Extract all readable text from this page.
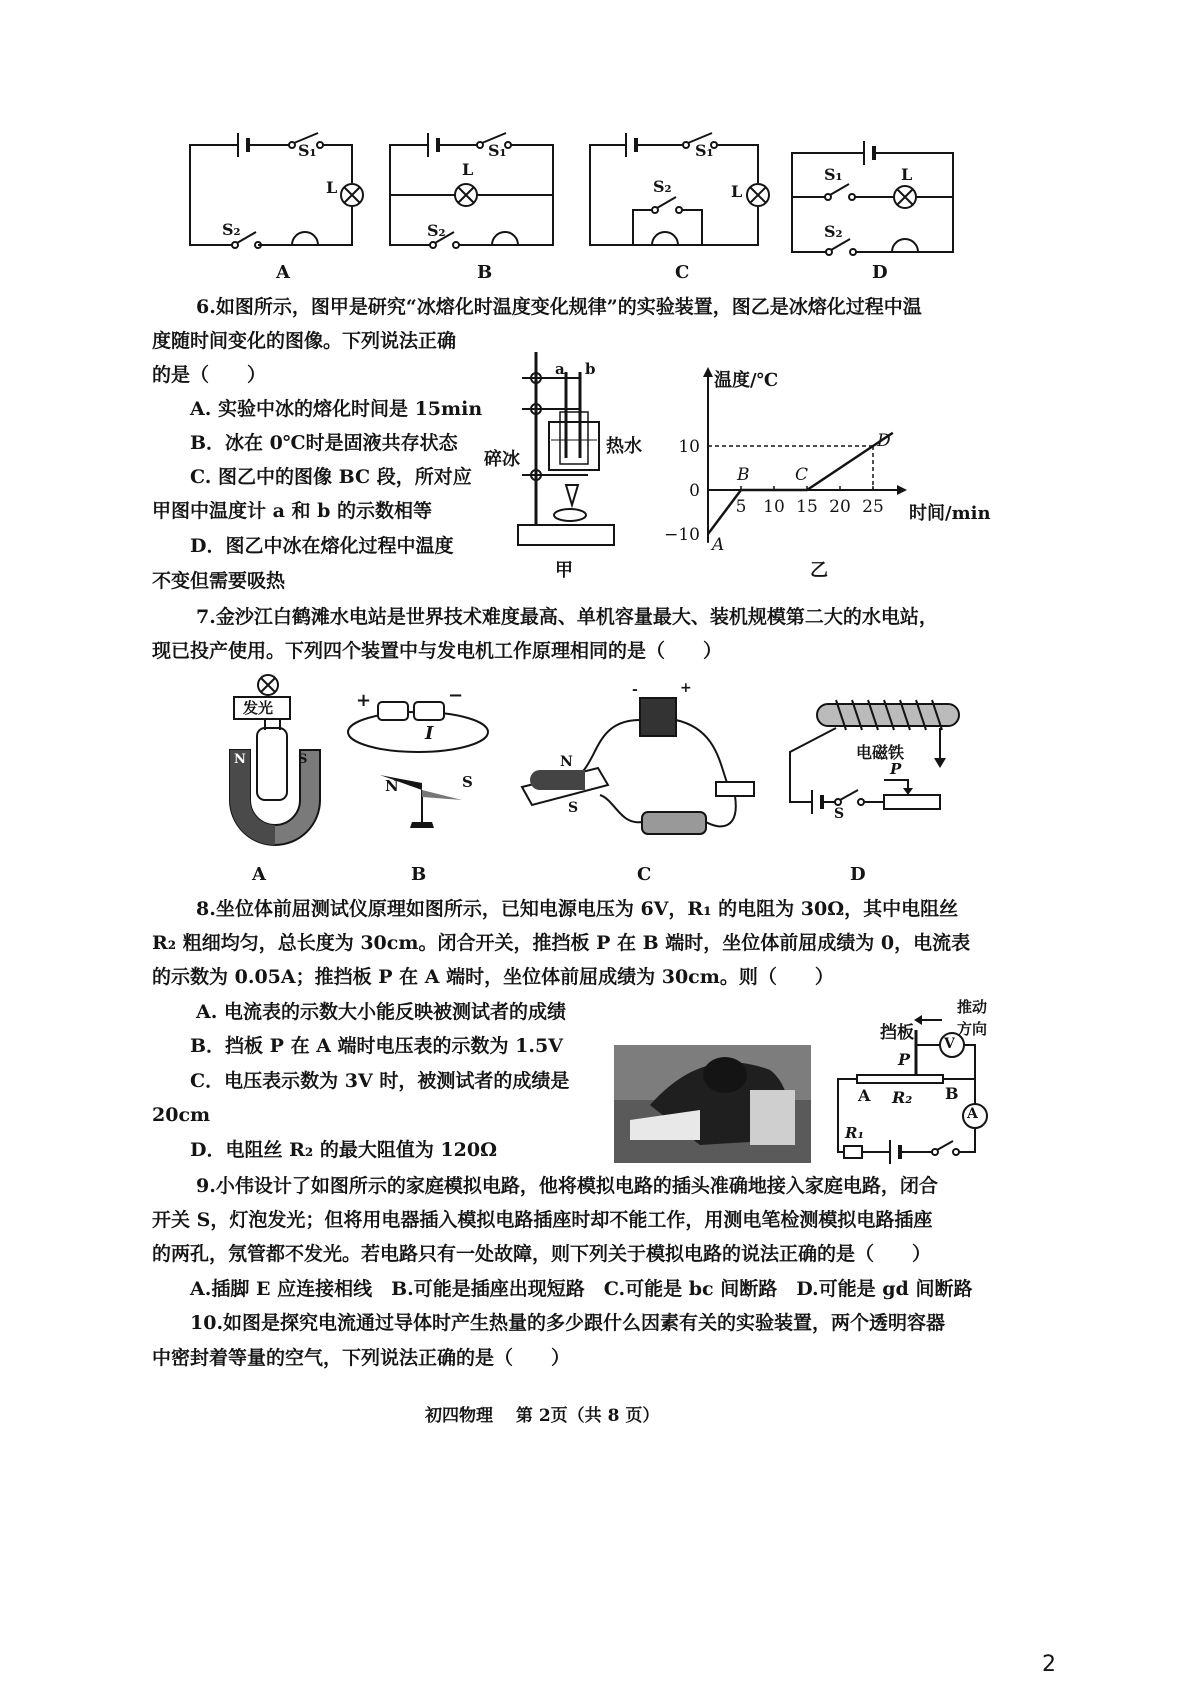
S₁
L
S₂
S₁
L
S₂
S₁
S₂	L
S₁	L
S₂
A	B	C	D
6.如图所示，图甲是研究“冰熔化时温度变化规律”的实验装置，图乙是冰熔化过程中温
度随时间变化的图像。下列说法正确
的是（　　）
A. 实验中冰的熔化时间是 15min
B．冰在 0℃时是固液共存状态
C. 图乙中的图像 BC 段，所对应
甲图中温度计 a 和 b 的示数相等
D．图乙中冰在熔化过程中温度
不变但需要吸热
a b
热水
碎冰
甲
5 10 15 20 25
10
0
−10 A
B	C
D
温度/℃
时间/min
乙
7.金沙江白鹤滩水电站是世界技术难度最高、单机容量最大、装机规模第二大的水电站，
现已投产使用。下列四个装置中与发电机工作原理相同的是（　　）
发光
N	S
+	−
I
N	S
N
S
-	+
电磁铁
P
S
A	B	C	D
8.坐位体前屈测试仪原理如图所示，已知电源电压为 6V，R₁ 的电阻为 30Ω，其中电阻丝
R₂ 粗细均匀，总长度为 30cm。闭合开关，推挡板 P 在 B 端时，坐位体前屈成绩为 0，电流表
的示数为 0.05A；推挡板 P 在 A 端时，坐位体前屈成绩为 30cm。则（　　）
A. 电流表的示数大小能反映被测试者的成绩
B．挡板 P 在 A 端时电压表的示数为 1.5V
C．电压表示数为 3V 时，被测试者的成绩是
20cm
D．电阻丝 R₂ 的最大阻值为 120Ω
挡板
推动
方向
V
P
A R₂ B
A
R₁
9.小伟设计了如图所示的家庭模拟电路，他将模拟电路的插头准确地接入家庭电路，闭合
开关 S，灯泡发光；但将用电器插入模拟电路插座时却不能工作，用测电笔检测模拟电路插座
的两孔，氖管都不发光。若电路只有一处故障，则下列关于模拟电路的说法正确的是（　　）
A.插脚 E 应连接相线　B.可能是插座出现短路　C.可能是 bc 间断路　D.可能是 gd 间断路
10.如图是探究电流通过导体时产生热量的多少跟什么因素有关的实验装置，两个透明容器
中密封着等量的空气，下列说法正确的是（　　）
初四物理　 第 2页（共 8 页）
2
